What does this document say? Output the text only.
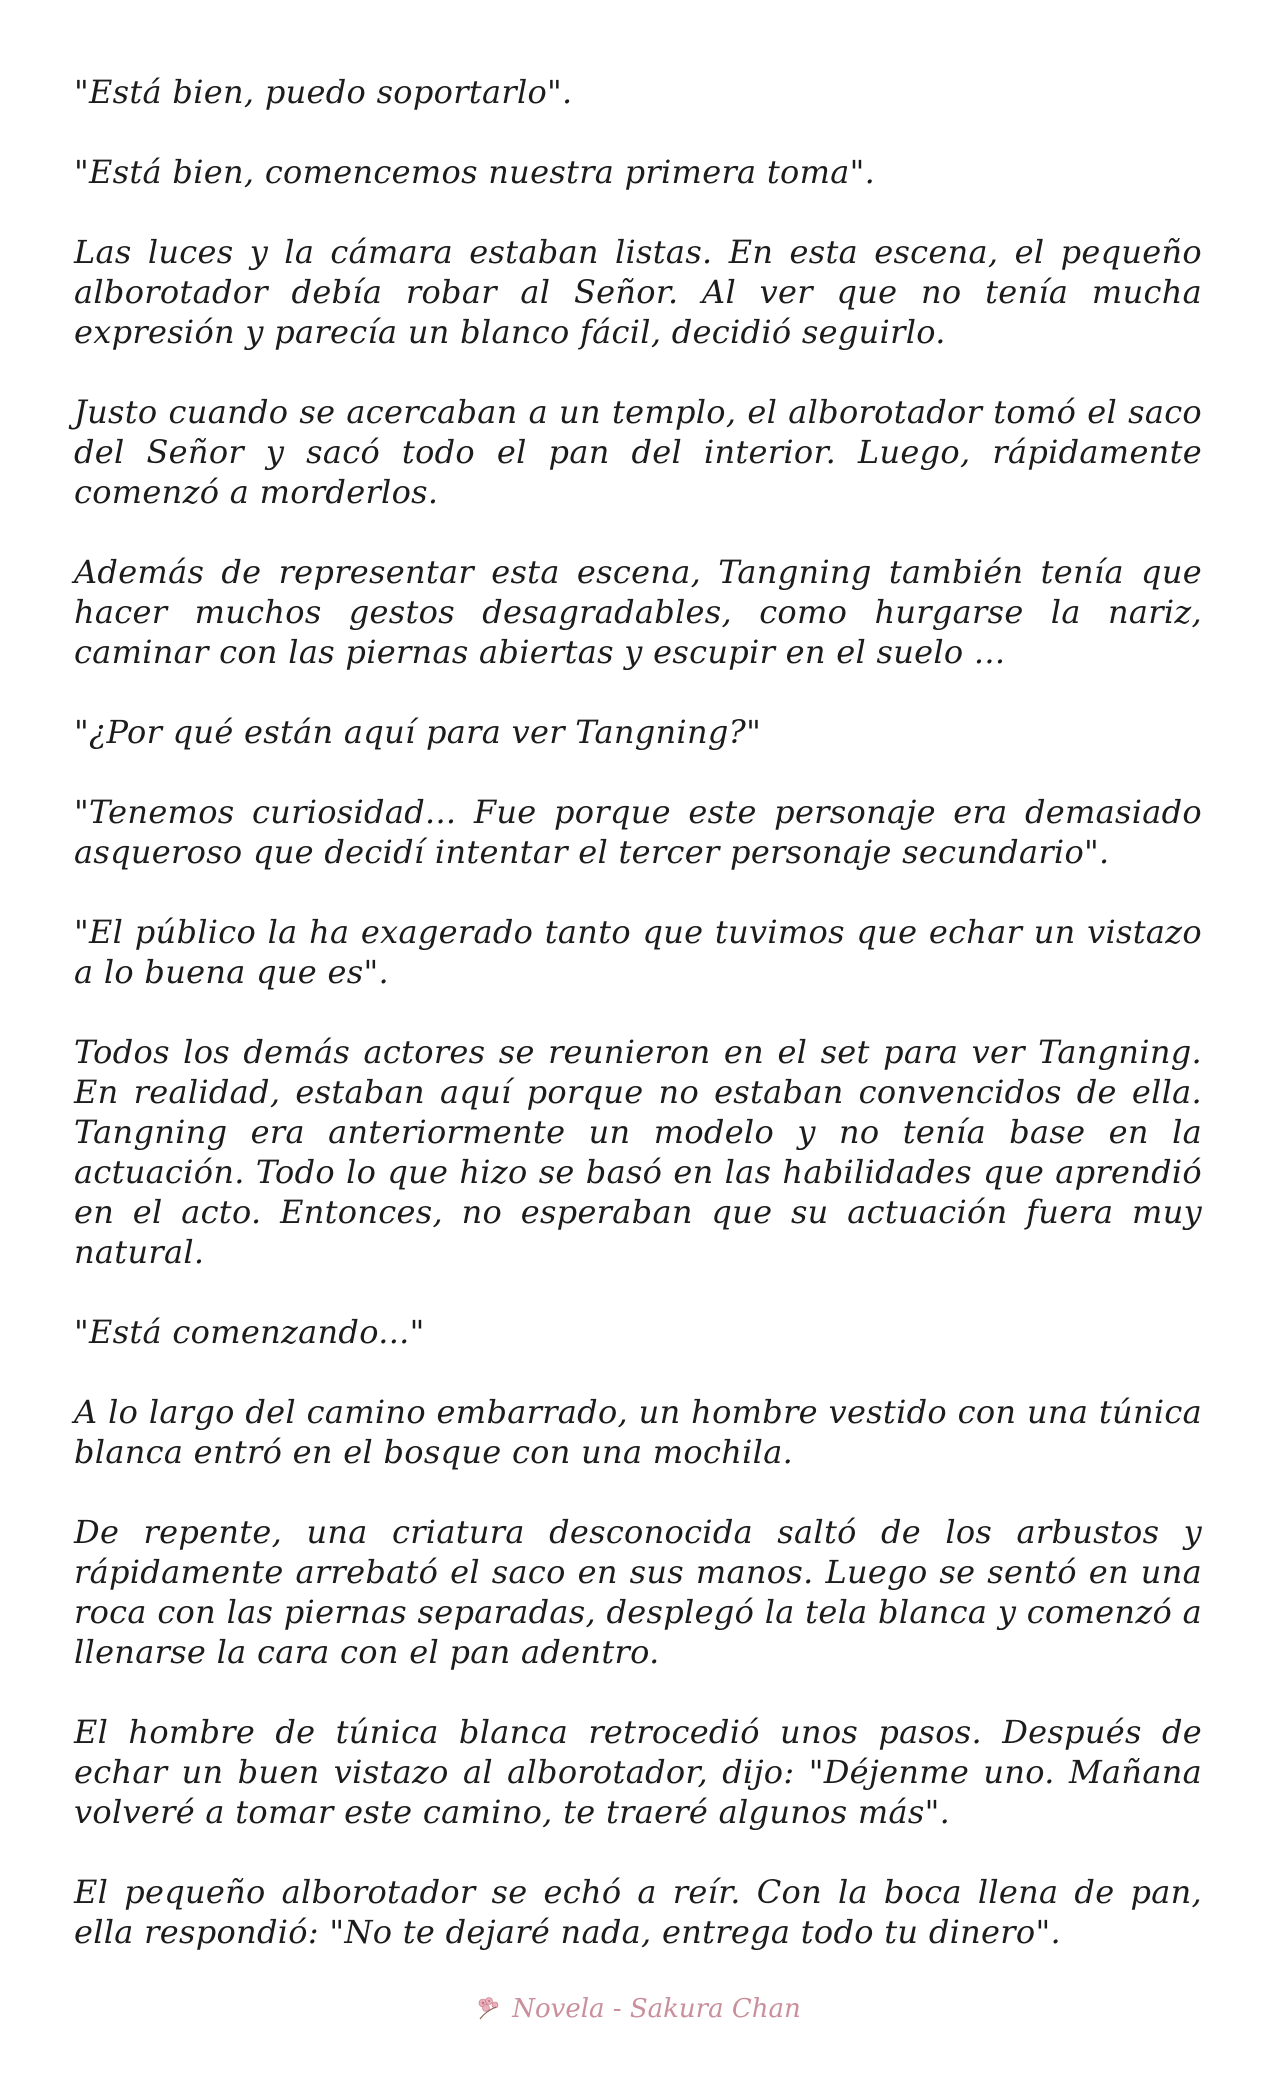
"Está bien, puedo soportarlo".

"Está bien, comencemos nuestra primera toma".

Las luces y la cámara estaban listas. En esta escena, el pequeño alborotador debía robar al Señor. Al ver que no tenía mucha expresión y parecía un blanco fácil, decidió seguirlo.

Justo cuando se acercaban a un templo, el alborotador tomó el saco del Señor y sacó todo el pan del interior. Luego, rápidamente comenzó a morderlos.

Además de representar esta escena, Tangning también tenía que hacer muchos gestos desagradables, como hurgarse la nariz, caminar con las piernas abiertas y escupir en el suelo ...

"¿Por qué están aquí para ver Tangning?"

"Tenemos curiosidad... Fue porque este personaje era demasiado asqueroso que decidí intentar el tercer personaje secundario".

"El público la ha exagerado tanto que tuvimos que echar un vistazo a lo buena que es".

Todos los demás actores se reunieron en el set para ver Tangning. En realidad, estaban aquí porque no estaban convencidos de ella. Tangning era anteriormente un modelo y no tenía base en la actuación. Todo lo que hizo se basó en las habilidades que aprendió en el acto. Entonces, no esperaban que su actuación fuera muy natural.

"Está comenzando..."

A lo largo del camino embarrado, un hombre vestido con una túnica blanca entró en el bosque con una mochila.

De repente, una criatura desconocida saltó de los arbustos y rápidamente arrebató el saco en sus manos. Luego se sentó en una roca con las piernas separadas, desplegó la tela blanca y comenzó a llenarse la cara con el pan adentro.

El hombre de túnica blanca retrocedió unos pasos. Después de echar un buen vistazo al alborotador, dijo: "Déjenme uno. Mañana volveré a tomar este camino, te traeré algunos más".

El pequeño alborotador se echó a reír. Con la boca llena de pan, ella respondió: "No te dejaré nada, entrega todo tu dinero".

Novela - Sakura Chan
